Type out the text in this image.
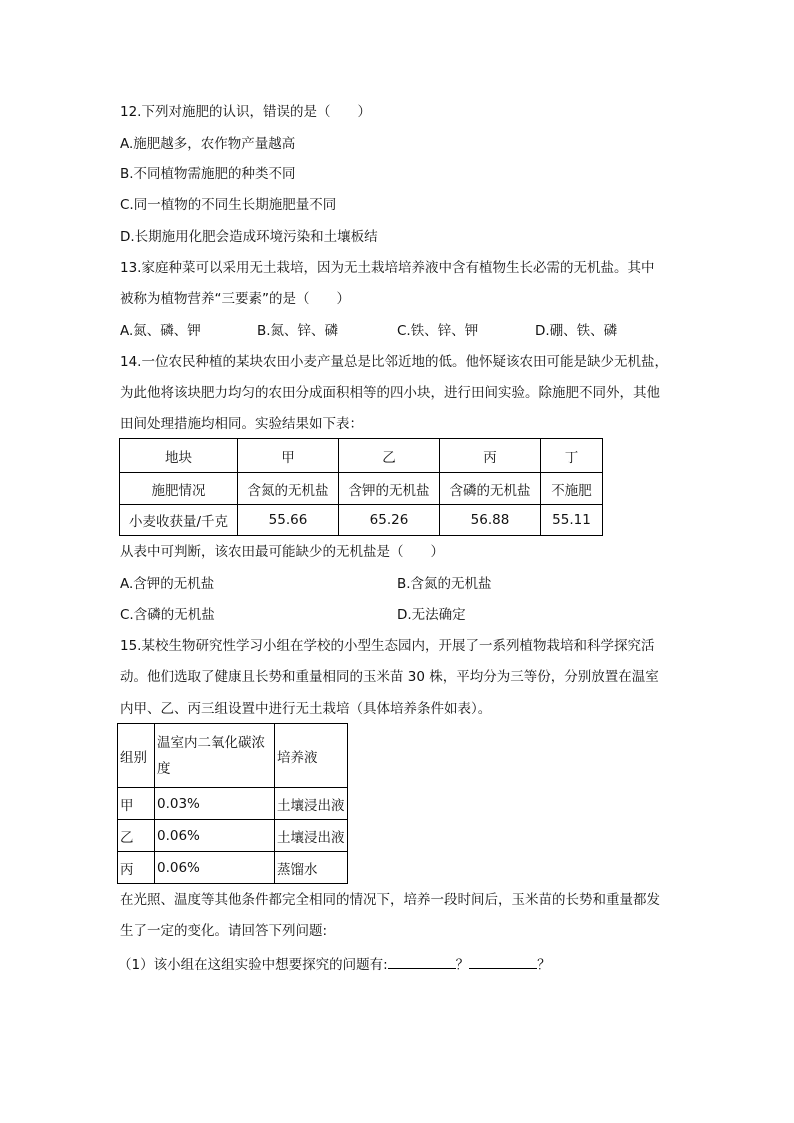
12.下列对施肥的认识，错误的是（　　）
A.施肥越多，农作物产量越高
B.不同植物需施肥的种类不同
C.同一植物的不同生长期施肥量不同
D.长期施用化肥会造成环境污染和土壤板结
13.家庭种菜可以采用无土栽培，因为无土栽培培养液中含有植物生长必需的无机盐。其中
被称为植物营养“三要素”的是（　　）
A.氮、磷、钾	B.氮、锌、磷	C.铁、锌、钾	D.硼、铁、磷
14.一位农民种植的某块农田小麦产量总是比邻近地的低。他怀疑该农田可能是缺少无机盐，
为此他将该块肥力均匀的农田分成面积相等的四小块，进行田间实验。除施肥不同外，其他
田间处理措施均相同。实验结果如下表：
地块	甲	乙	丙	丁
施肥情况	含氮的无机盐	含钾的无机盐	含磷的无机盐	不施肥
小麦收获量/千克	55.66	65.26	56.88	55.11
从表中可判断，该农田最可能缺少的无机盐是（　　）
A.含钾的无机盐	B.含氮的无机盐
C.含磷的无机盐	D.无法确定
15.某校生物研究性学习小组在学校的小型生态园内，开展了一系列植物栽培和科学探究活
动。他们选取了健康且长势和重量相同的玉米苗 30 株，平均分为三等份，分别放置在温室
内甲、乙、丙三组设置中进行无土栽培（具体培养条件如表）。
组别	温室内二氧化碳浓
度	培养液
甲	0.03%	土壤浸出液
乙	0.06%	土壤浸出液
丙	0.06%	蒸馏水
在光照、温度等其他条件都完全相同的情况下，培养一段时间后，玉米苗的长势和重量都发
生了一定的变化。请回答下列问题:
（1）该小组在这组实验中想要探究的问题有:	？	？
